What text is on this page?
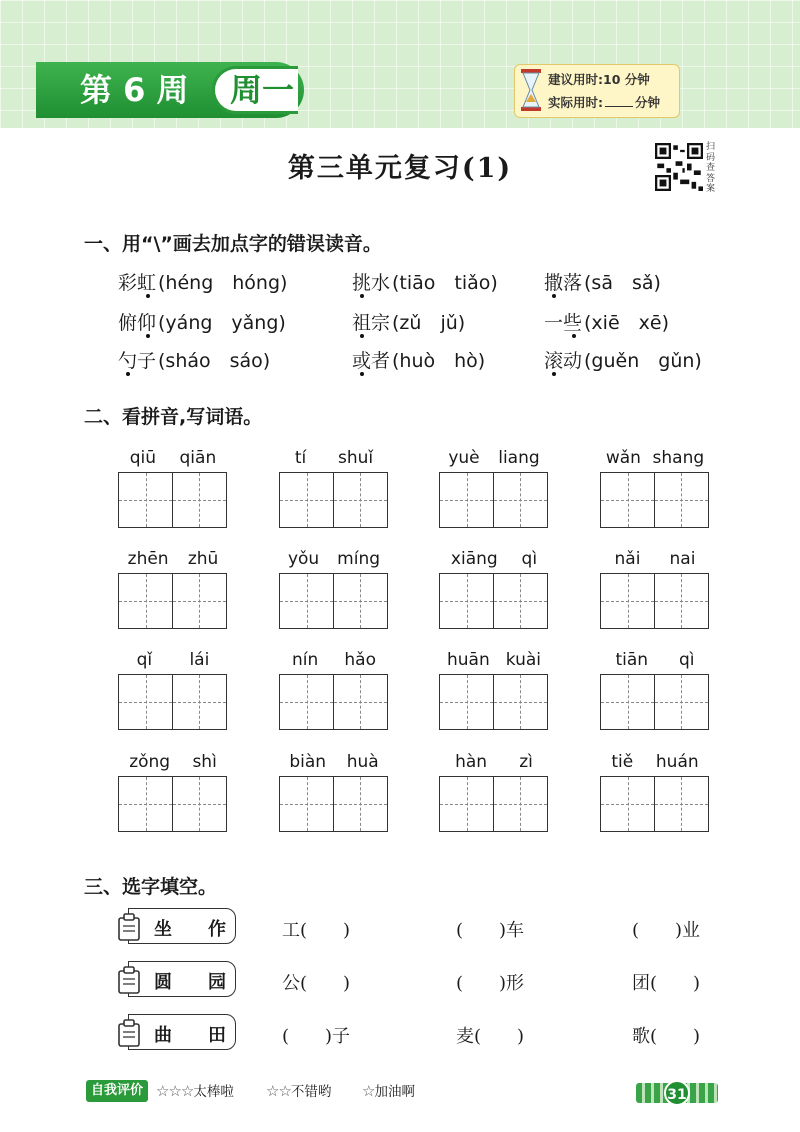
第 6 周 周一	建议用时:10 分钟
实际用时:	分钟
第三单元复习(1)
扫码查答案
一、用“\”画去加点字的错误读音。
彩虹 (héng　hóng)	挑水 (tiāo　tiǎo) 撒落 (sā　sǎ)
俯仰 (yáng　yǎng)	祖宗 (zǔ　jǔ)	一些 (xiē　xē)
勺子 (sháo　sáo)	或者 (huò　hò)	滚动 (guěn　gǔn)
二、看拼音,写词语。
qiū qiān	tí shuǐ	yuè liang	wǎn shang
zhēn zhū	yǒu míng	xiāng qì	nǎi nai
qǐ lái	nín hǎo	huān kuài	tiān qì
zǒng shì	biàn huà	hàn zì	tiě huán
三、选字填空。
坐 作	工(　　)	(　　)车	(　　)业
圆 园	公(　　)	(　　)形	团(　　)
曲 田	(　　)子	麦(　　)	歌(　　)
自我评价 ☆☆☆太棒啦 ☆☆不错哟 ☆加油啊	31
